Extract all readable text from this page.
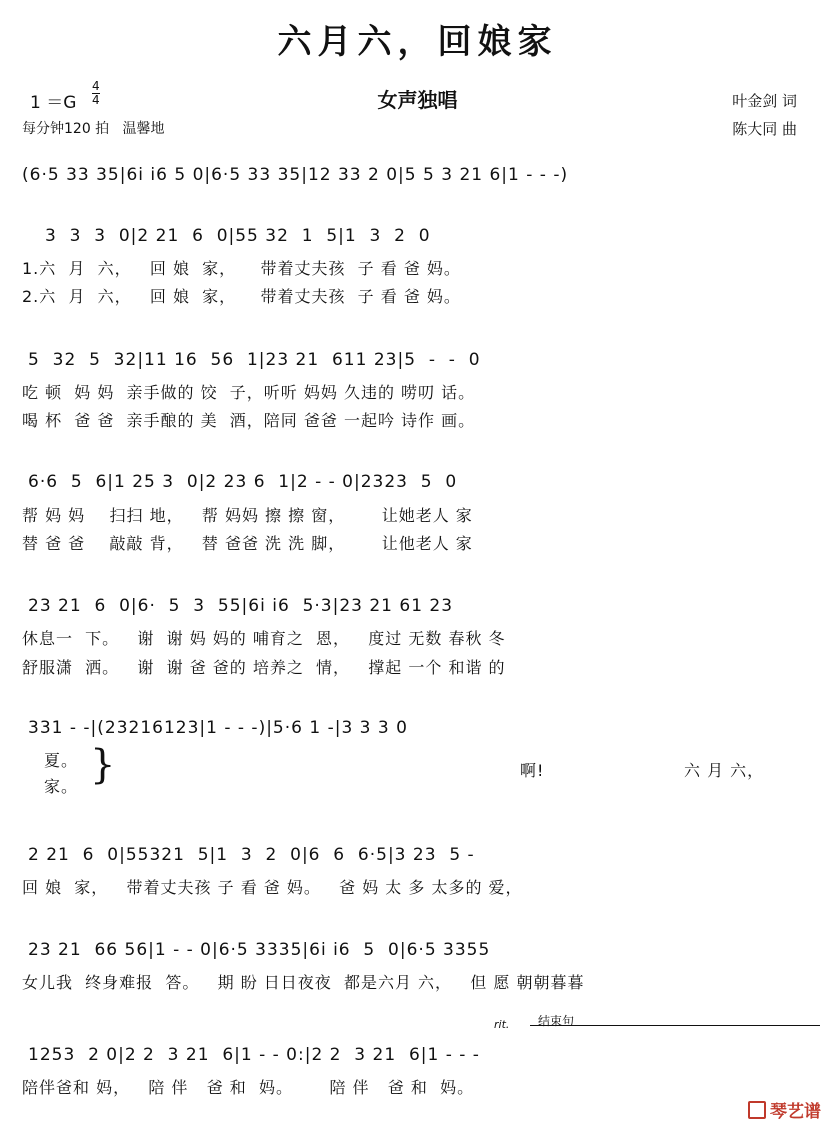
六月六，回娘家
女声独唱
$1 =G \frac{4}{4}$
每分钟120 拍   温馨地
叶金剑 词
陈大同 曲
(6·5 33 35|6i i6 5 0|6·5 33 35|12 33 2 0|5 5 3 21 6|1 - - -)
3  3  3  0|2 21  6  0|55 32  1  5|1  3  2  0
1.六  月  六，   回 娘  家，    带着丈夫孩  子 看 爸 妈。
2.六  月  六，   回 娘  家，    带着丈夫孩  子 看 爸 妈。
5  32  5  32|11 16  56  1|23 21  611 23|5  -  -  0
吃 顿  妈 妈  亲手做的 饺  子，听听 妈妈 久违的 唠叨 话。
喝 杯  爸 爸  亲手酿的 美  酒，陪同 爸爸 一起吟 诗作 画。
6·6  5  6|1 25 3  0|2 23 6  1|2 - - 0|2323  5  0
帮 妈 妈    扫扫 地，   帮 妈妈 擦 擦 窗，      让她老人 家
替 爸 爸    敲敲 背，   替 爸爸 洗 洗 脚，      让他老人 家
23 21  6  0|6·  5  3  55|6i i6  5·3|23 21 61 23
休息一  下。   谢  谢 妈 妈的 哺育之  恩，   度过 无数 春秋 冬
舒服潇  洒。   谢  谢 爸 爸的 培养之  情，   撑起 一个 和谐 的
331 - -|(23216123|1 - - -)|5·6 1 -|3 3 3 0
夏。
家。 }	啊!	六 月 六，
2 21  6  0|55321  5|1  3  2  0|6  6  6·5|3 23  5 -
回 娘  家，   带着丈夫孩 子 看 爸 妈。   爸 妈 太 多 太多的 爱，
23 21  66 56|1 - - 0|6·5 3335|6i i6  5  0|6·5 3355
女儿我  终身难报  答。   期 盼 日日夜夜  都是六月 六，   但 愿 朝朝暮暮
rit. 结束句
1253  2 0|2 2  3 21  6|1 - - 0:|2 2  3 21  6|1 - - -
陪伴爸和 妈，   陪 伴   爸 和  妈。      陪 伴   爸 和  妈。
琴艺谱
